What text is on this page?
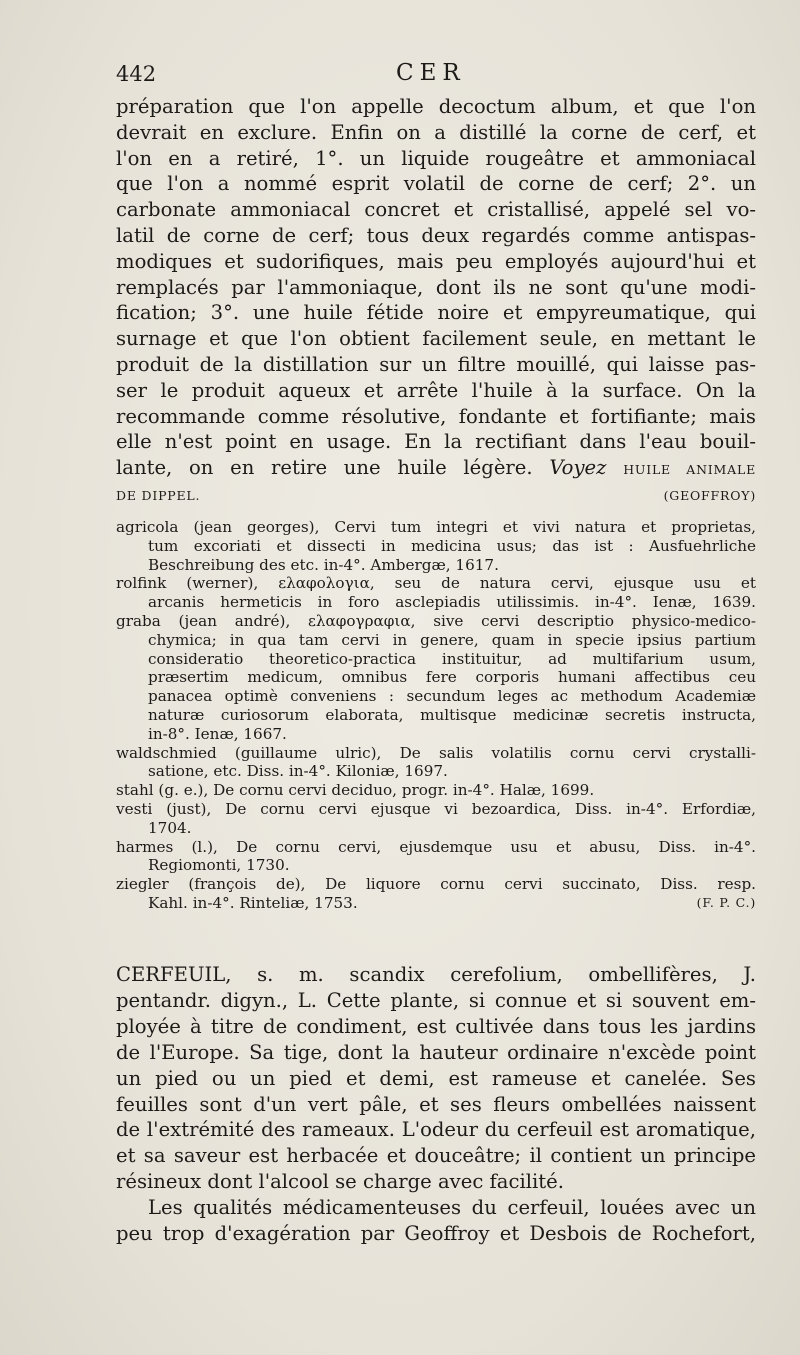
442	CER
préparation que l'on appelle decoctum album, et que l'on
devrait en exclure. Enfin on a distillé la corne de cerf, et
l'on en a retiré, 1°. un liquide rougeâtre et ammoniacal
que l'on a nommé esprit volatil de corne de cerf; 2°. un
carbonate ammoniacal concret et cristallisé, appelé sel vo-
latil de corne de cerf; tous deux regardés comme antispas-
modiques et sudorifiques, mais peu employés aujourd'hui et
remplacés par l'ammoniaque, dont ils ne sont qu'une modi-
fication; 3°. une huile fétide noire et empyreumatique, qui
surnage et que l'on obtient facilement seule, en mettant le
produit de la distillation sur un filtre mouillé, qui laisse pas-
ser le produit aqueux et arrête l'huile à la surface. On la
recommande comme résolutive, fondante et fortifiante; mais
elle n'est point en usage. En la rectifiant dans l'eau bouil-
lante, on en retire une huile légère. Voyez HUILE ANIMALE
DE DIPPEL.	(GEOFFROY)
agricola (jean georges), Cervi tum integri et vivi natura et proprietas,
tum excoriati et dissecti in medicina usus; das ist : Ausfuehrliche
Beschreibung des etc. in-4°. Ambergæ, 1617.
rolfink (werner), ελαφολογια, seu de natura cervi, ejusque usu et
arcanis hermeticis in foro asclepiadis utilissimis. in-4°. Ienæ, 1639.
graba (jean andré), ελαφογραφια, sive cervi descriptio physico-medico-
chymica; in qua tam cervi in genere, quam in specie ipsius partium
consideratio theoretico-practica instituitur, ad multifarium usum,
præsertim medicum, omnibus fere corporis humani affectibus ceu
panacea optimè conveniens : secundum leges ac methodum Academiæ
naturæ curiosorum elaborata, multisque medicinæ secretis instructa,
in-8°. Ienæ, 1667.
waldschmied (guillaume ulric), De salis volatilis cornu cervi crystalli-
satione, etc. Diss. in-4°. Kiloniæ, 1697.
stahl (g. e.), De cornu cervi deciduo, progr. in-4°. Halæ, 1699.
vesti (just), De cornu cervi ejusque vi bezoardica, Diss. in-4°. Erfordiæ,
1704.
harmes (l.), De cornu cervi, ejusdemque usu et abusu, Diss. in-4°.
Regiomonti, 1730.
ziegler (françois de), De liquore cornu cervi succinato, Diss. resp.
Kahl. in-4°. Rinteliæ, 1753.	(F. P. C.)
CERFEUIL, s. m. scandix cerefolium, ombellifères, J.
pentandr. digyn., L. Cette plante, si connue et si souvent em-
ployée à titre de condiment, est cultivée dans tous les jardins
de l'Europe. Sa tige, dont la hauteur ordinaire n'excède point
un pied ou un pied et demi, est rameuse et canelée. Ses
feuilles sont d'un vert pâle, et ses fleurs ombellées naissent
de l'extrémité des rameaux. L'odeur du cerfeuil est aromatique,
et sa saveur est herbacée et douceâtre; il contient un principe
résineux dont l'alcool se charge avec facilité.
Les qualités médicamenteuses du cerfeuil, louées avec un
peu trop d'exagération par Geoffroy et Desbois de Rochefort,
